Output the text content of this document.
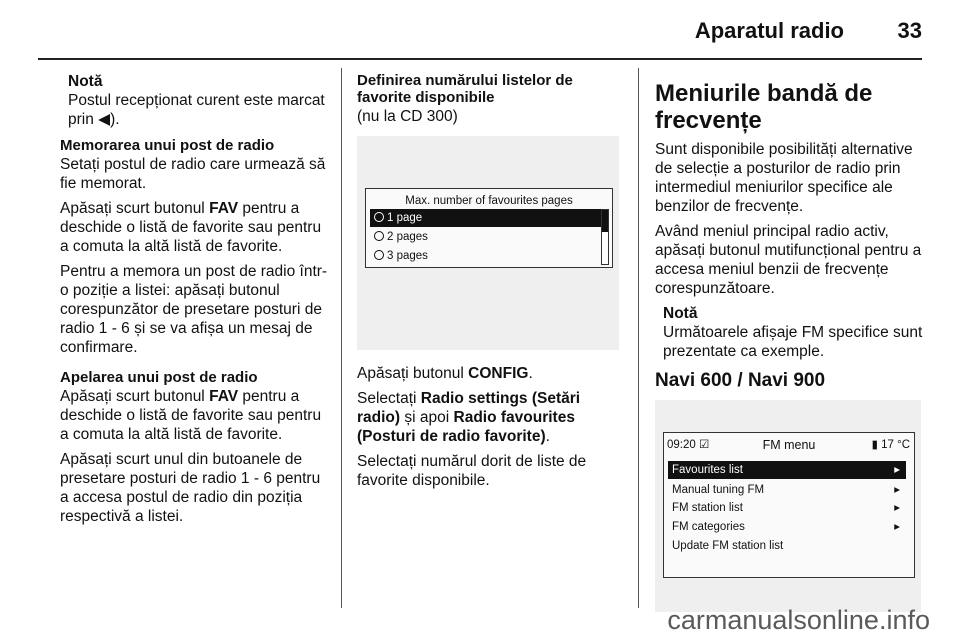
Aparatul radio 33
Notă
Postul recepționat curent este marcat prin ◀).
Memorarea unui post de radio

Setați postul de radio care urmează să fie memorat.

Apăsați scurt butonul FAV pentru a deschide o listă de favorite sau pentru a comuta la altă listă de favorite.

Pentru a memora un post de radio într-o poziție a listei: apăsați butonul corespunzător de presetare posturi de radio 1 - 6 și se va afișa un mesaj de confirmare.

Apelarea unui post de radio

Apăsați scurt butonul FAV pentru a deschide o listă de favorite sau pentru a comuta la altă listă de favorite.

Apăsați scurt unul din butoanele de presetare posturi de radio 1 - 6 pentru a accesa postul de radio din poziția respectivă a listei.

Definirea numărului listelor de favorite disponibile

(nu la CD 300)

Max. number of favourites pages
1 page
2 pages
3 pages

Apăsați butonul CONFIG.

Selectați Radio settings (Setări radio) și apoi Radio favourites (Posturi de radio favorite).

Selectați numărul dorit de liste de favorite disponibile.

Meniurile bandă de frecvențe

Sunt disponibile posibilități alternative de selecție a posturilor de radio prin intermediul meniurilor specifice ale benzilor de frecvențe.

Având meniul principal radio activ, apăsați butonul mutifuncțional pentru a accesa meniul benzii de frecvențe corespunzătoare.

Notă
Următoarele afișaje FM specifice sunt prezentate ca exemple.
Navi 600 / Navi 900
09:20 ☑	FM menu	▮ 17 °C
Favourites list	▸
Manual tuning FM	▸
FM station list	▸
FM categories	▸
Update FM station list
carmanualsonline.info
